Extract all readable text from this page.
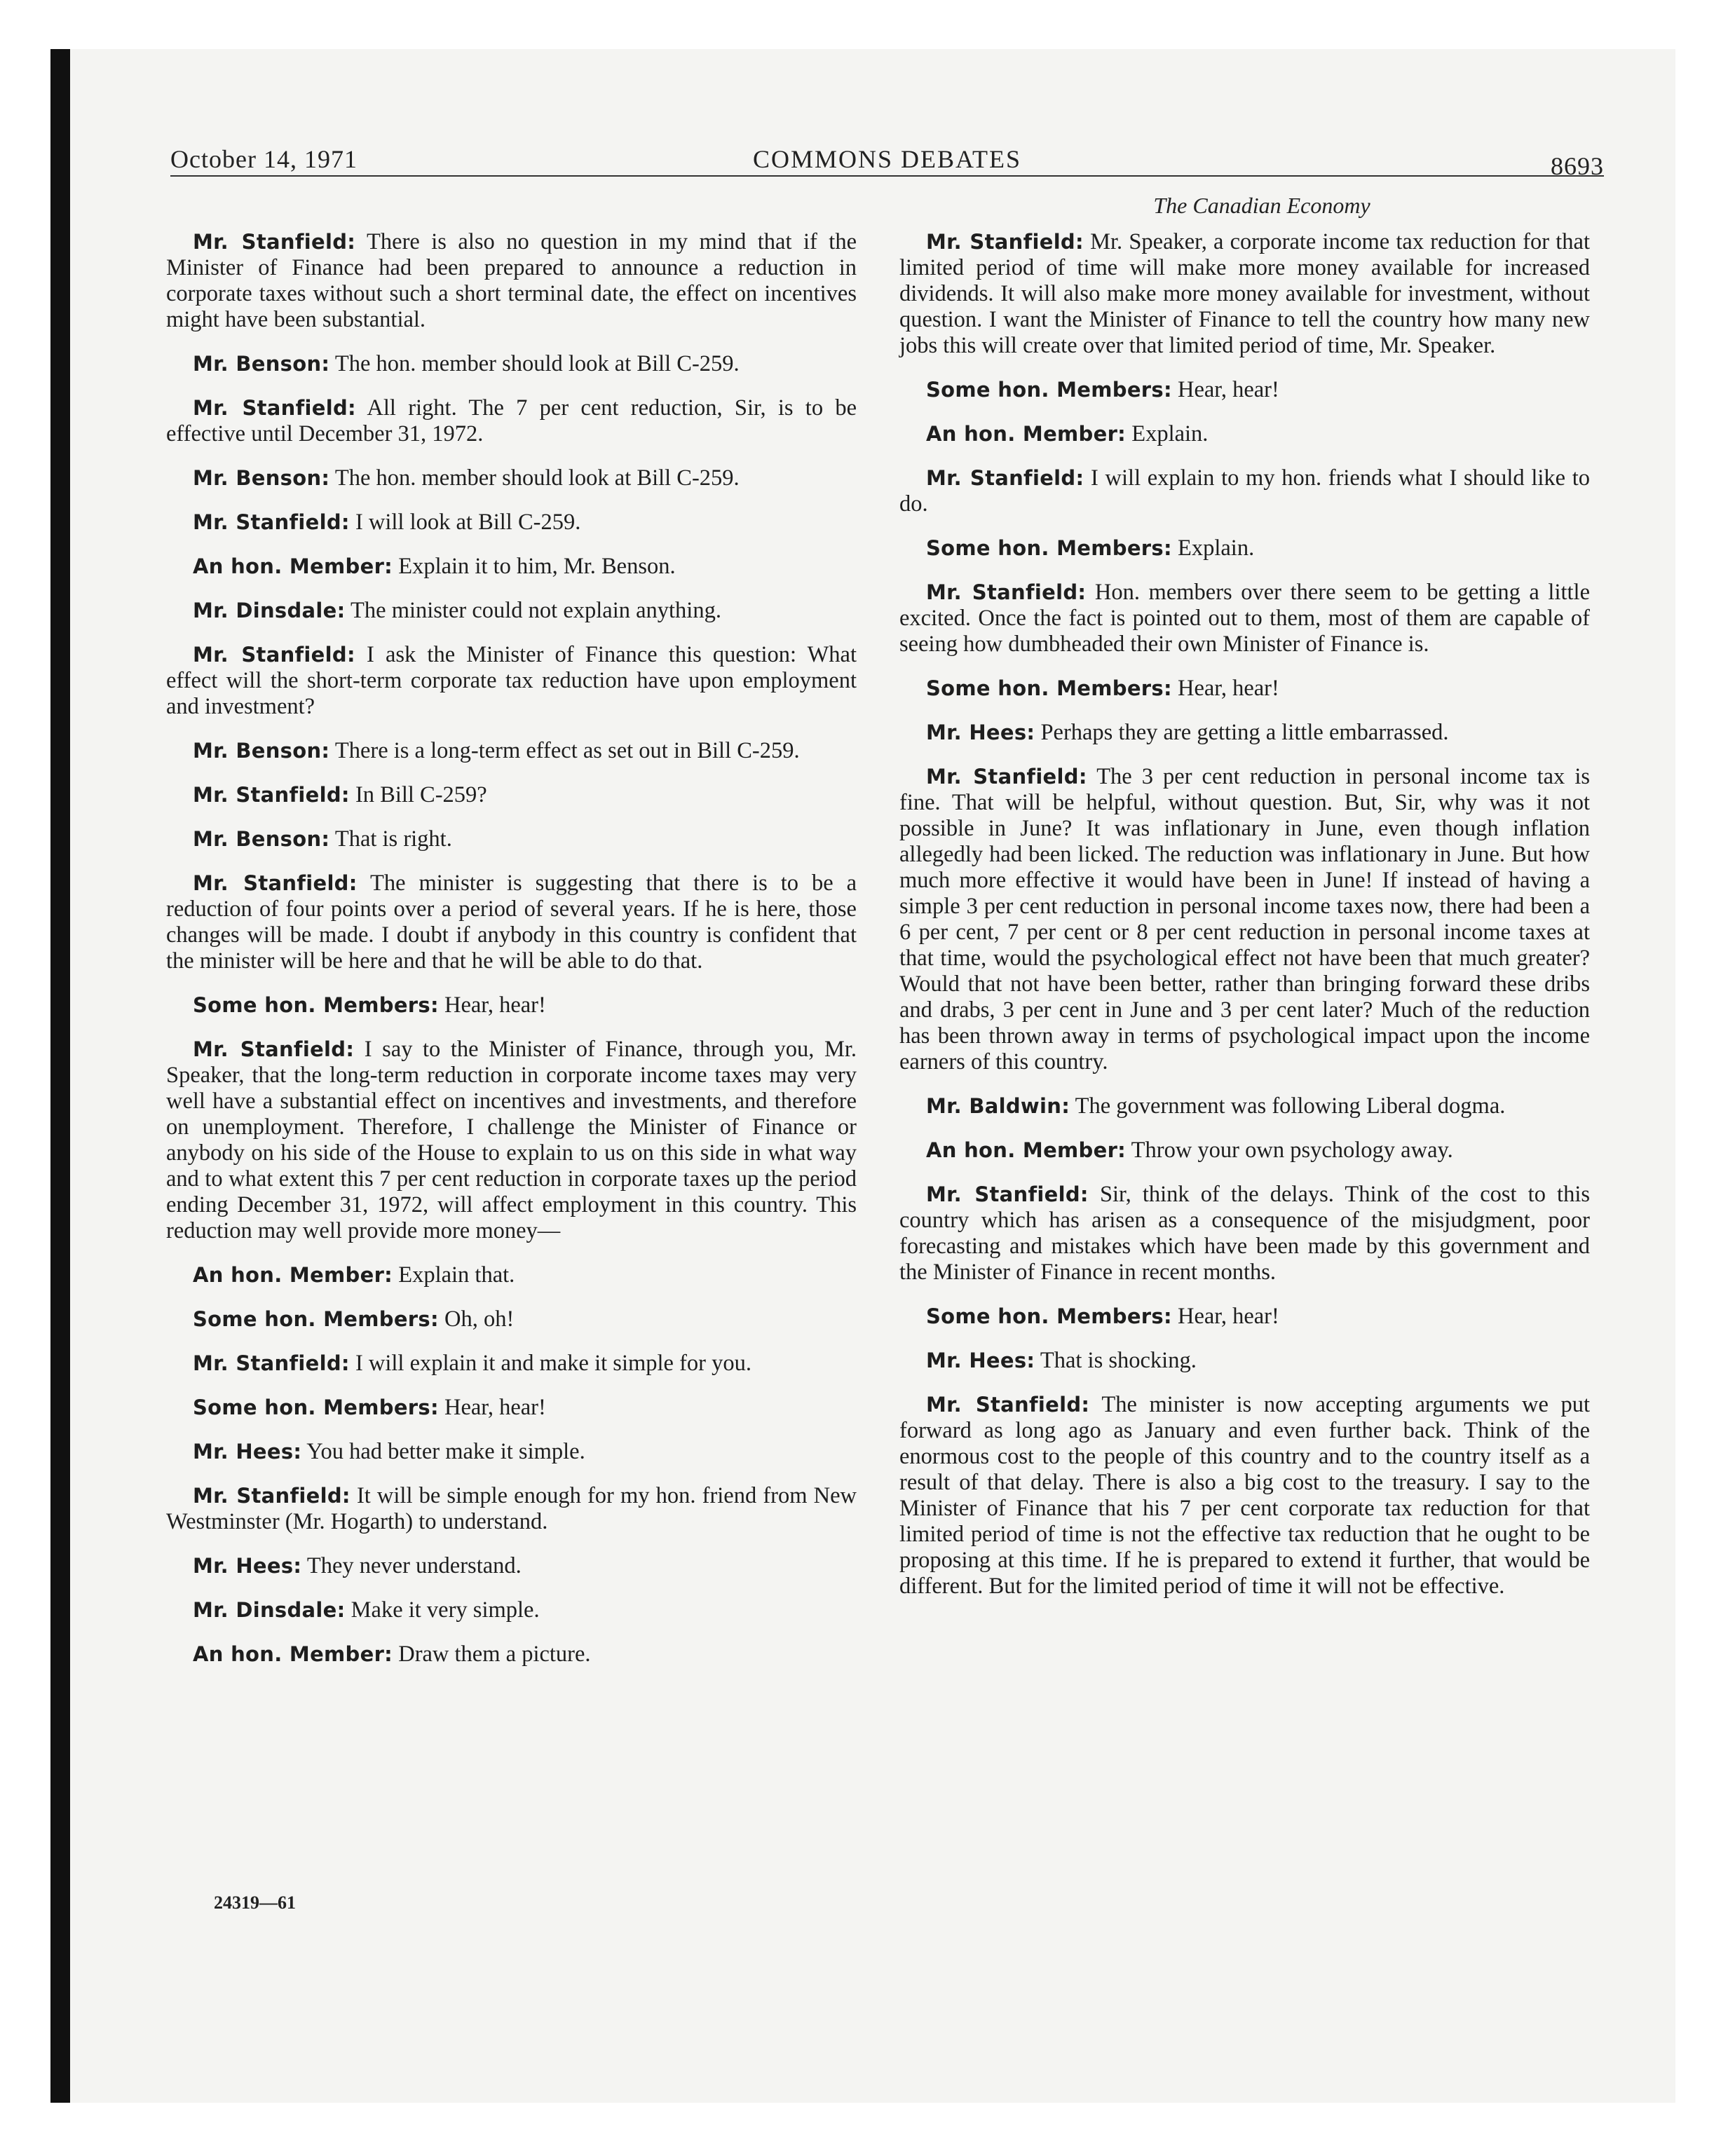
October 14, 1971	COMMONS DEBATES	8693
The Canadian Economy

Mr. Stanfield: There is also no question in my mind that if the Minister of Finance had been prepared to announce a reduction in corporate taxes without such a short terminal date, the effect on incentives might have been substantial.

Mr. Benson: The hon. member should look at Bill C-259.

Mr. Stanfield: All right. The 7 per cent reduction, Sir, is to be effective until December 31, 1972.

Mr. Benson: The hon. member should look at Bill C-259.

Mr. Stanfield: I will look at Bill C-259.

An hon. Member: Explain it to him, Mr. Benson.

Mr. Dinsdale: The minister could not explain anything.

Mr. Stanfield: I ask the Minister of Finance this question: What effect will the short-term corporate tax reduction have upon employment and investment?

Mr. Benson: There is a long-term effect as set out in Bill C-259.

Mr. Stanfield: In Bill C-259?

Mr. Benson: That is right.

Mr. Stanfield: The minister is suggesting that there is to be a reduction of four points over a period of several years. If he is here, those changes will be made. I doubt if anybody in this country is confident that the minister will be here and that he will be able to do that.

Some hon. Members: Hear, hear!

Mr. Stanfield: I say to the Minister of Finance, through you, Mr. Speaker, that the long-term reduction in corporate income taxes may very well have a substantial effect on incentives and investments, and therefore on unemployment. Therefore, I challenge the Minister of Finance or anybody on his side of the House to explain to us on this side in what way and to what extent this 7 per cent reduction in corporate taxes up the period ending December 31, 1972, will affect employment in this country. This reduction may well provide more money—

An hon. Member: Explain that.

Some hon. Members: Oh, oh!

Mr. Stanfield: I will explain it and make it simple for you.

Some hon. Members: Hear, hear!

Mr. Hees: You had better make it simple.

Mr. Stanfield: It will be simple enough for my hon. friend from New Westminster (Mr. Hogarth) to understand.

Mr. Hees: They never understand.

Mr. Dinsdale: Make it very simple.

An hon. Member: Draw them a picture.

Mr. Stanfield: Mr. Speaker, a corporate income tax reduction for that limited period of time will make more money available for increased dividends. It will also make more money available for investment, without question. I want the Minister of Finance to tell the country how many new jobs this will create over that limited period of time, Mr. Speaker.

Some hon. Members: Hear, hear!

An hon. Member: Explain.

Mr. Stanfield: I will explain to my hon. friends what I should like to do.

Some hon. Members: Explain.

Mr. Stanfield: Hon. members over there seem to be getting a little excited. Once the fact is pointed out to them, most of them are capable of seeing how dumbheaded their own Minister of Finance is.

Some hon. Members: Hear, hear!

Mr. Hees: Perhaps they are getting a little embarrassed.

Mr. Stanfield: The 3 per cent reduction in personal income tax is fine. That will be helpful, without question. But, Sir, why was it not possible in June? It was inflationary in June, even though inflation allegedly had been licked. The reduction was inflationary in June. But how much more effective it would have been in June! If instead of having a simple 3 per cent reduction in personal income taxes now, there had been a 6 per cent, 7 per cent or 8 per cent reduction in personal income taxes at that time, would the psychological effect not have been that much greater? Would that not have been better, rather than bringing forward these dribs and drabs, 3 per cent in June and 3 per cent later? Much of the reduction has been thrown away in terms of psychological impact upon the income earners of this country.

Mr. Baldwin: The government was following Liberal dogma.

An hon. Member: Throw your own psychology away.

Mr. Stanfield: Sir, think of the delays. Think of the cost to this country which has arisen as a consequence of the misjudgment, poor forecasting and mistakes which have been made by this government and the Minister of Finance in recent months.

Some hon. Members: Hear, hear!

Mr. Hees: That is shocking.

Mr. Stanfield: The minister is now accepting arguments we put forward as long ago as January and even further back. Think of the enormous cost to the people of this country and to the country itself as a result of that delay. There is also a big cost to the treasury. I say to the Minister of Finance that his 7 per cent corporate tax reduction for that limited period of time is not the effective tax reduction that he ought to be proposing at this time. If he is prepared to extend it further, that would be different. But for the limited period of time it will not be effective.

24319—61
